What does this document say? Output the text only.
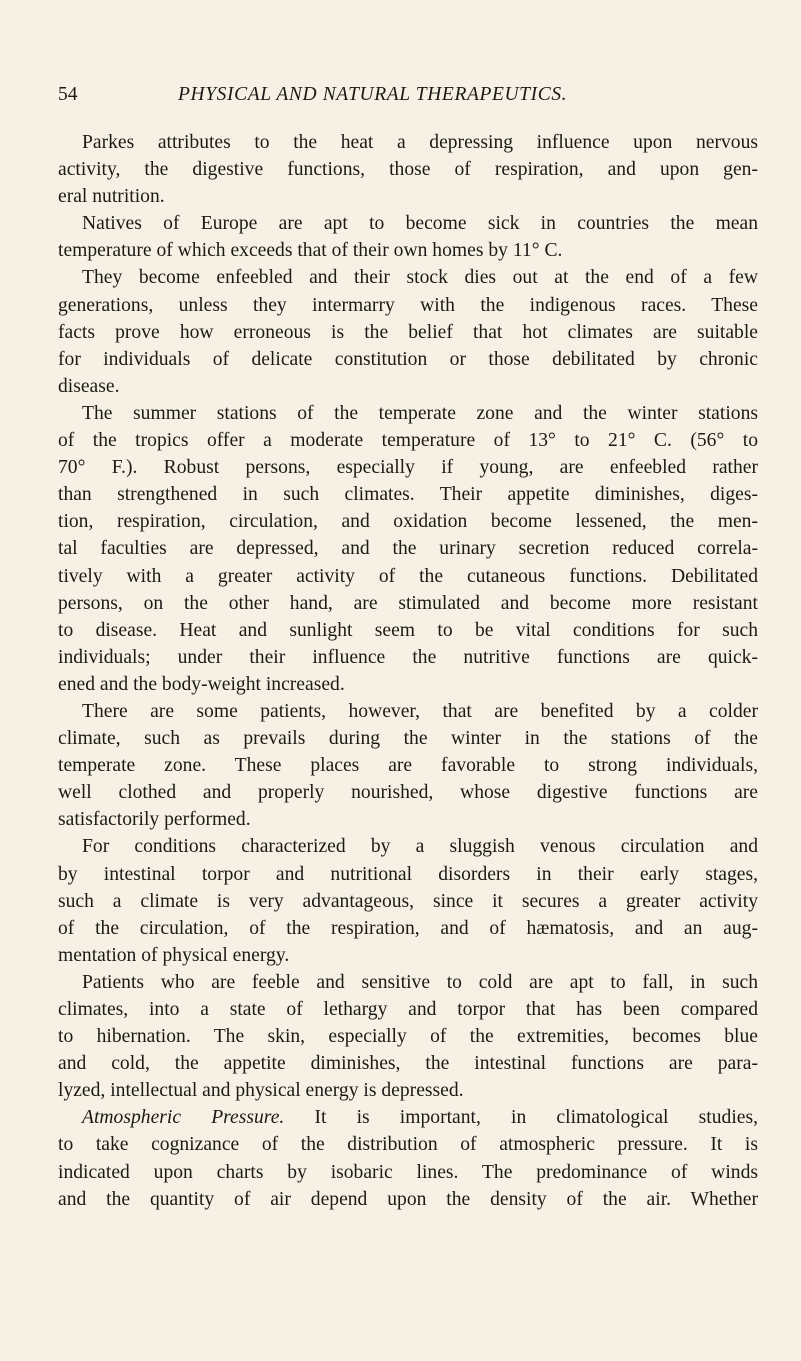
54	PHYSICAL AND NATURAL THERAPEUTICS.
Parkes attributes to the heat a depressing influence upon nervous
activity, the digestive functions, those of respiration, and upon gen-
eral nutrition.
Natives of Europe are apt to become sick in countries the mean
temperature of which exceeds that of their own homes by 11° C.
They become enfeebled and their stock dies out at the end of a few
generations, unless they intermarry with the indigenous races. These
facts prove how erroneous is the belief that hot climates are suitable
for individuals of delicate constitution or those debilitated by chronic
disease.
The summer stations of the temperate zone and the winter stations
of the tropics offer a moderate temperature of 13° to 21° C. (56° to
70° F.). Robust persons, especially if young, are enfeebled rather
than strengthened in such climates. Their appetite diminishes, diges-
tion, respiration, circulation, and oxidation become lessened, the men-
tal faculties are depressed, and the urinary secretion reduced correla-
tively with a greater activity of the cutaneous functions. Debilitated
persons, on the other hand, are stimulated and become more resistant
to disease. Heat and sunlight seem to be vital conditions for such
individuals; under their influence the nutritive functions are quick-
ened and the body-weight increased.
There are some patients, however, that are benefited by a colder
climate, such as prevails during the winter in the stations of the
temperate zone. These places are favorable to strong individuals,
well clothed and properly nourished, whose digestive functions are
satisfactorily performed.
For conditions characterized by a sluggish venous circulation and
by intestinal torpor and nutritional disorders in their early stages,
such a climate is very advantageous, since it secures a greater activity
of the circulation, of the respiration, and of hæmatosis, and an aug-
mentation of physical energy.
Patients who are feeble and sensitive to cold are apt to fall, in such
climates, into a state of lethargy and torpor that has been compared
to hibernation. The skin, especially of the extremities, becomes blue
and cold, the appetite diminishes, the intestinal functions are para-
lyzed, intellectual and physical energy is depressed.
Atmospheric Pressure. It is important, in climatological studies,
to take cognizance of the distribution of atmospheric pressure. It is
indicated upon charts by isobaric lines. The predominance of winds
and the quantity of air depend upon the density of the air. Whether
